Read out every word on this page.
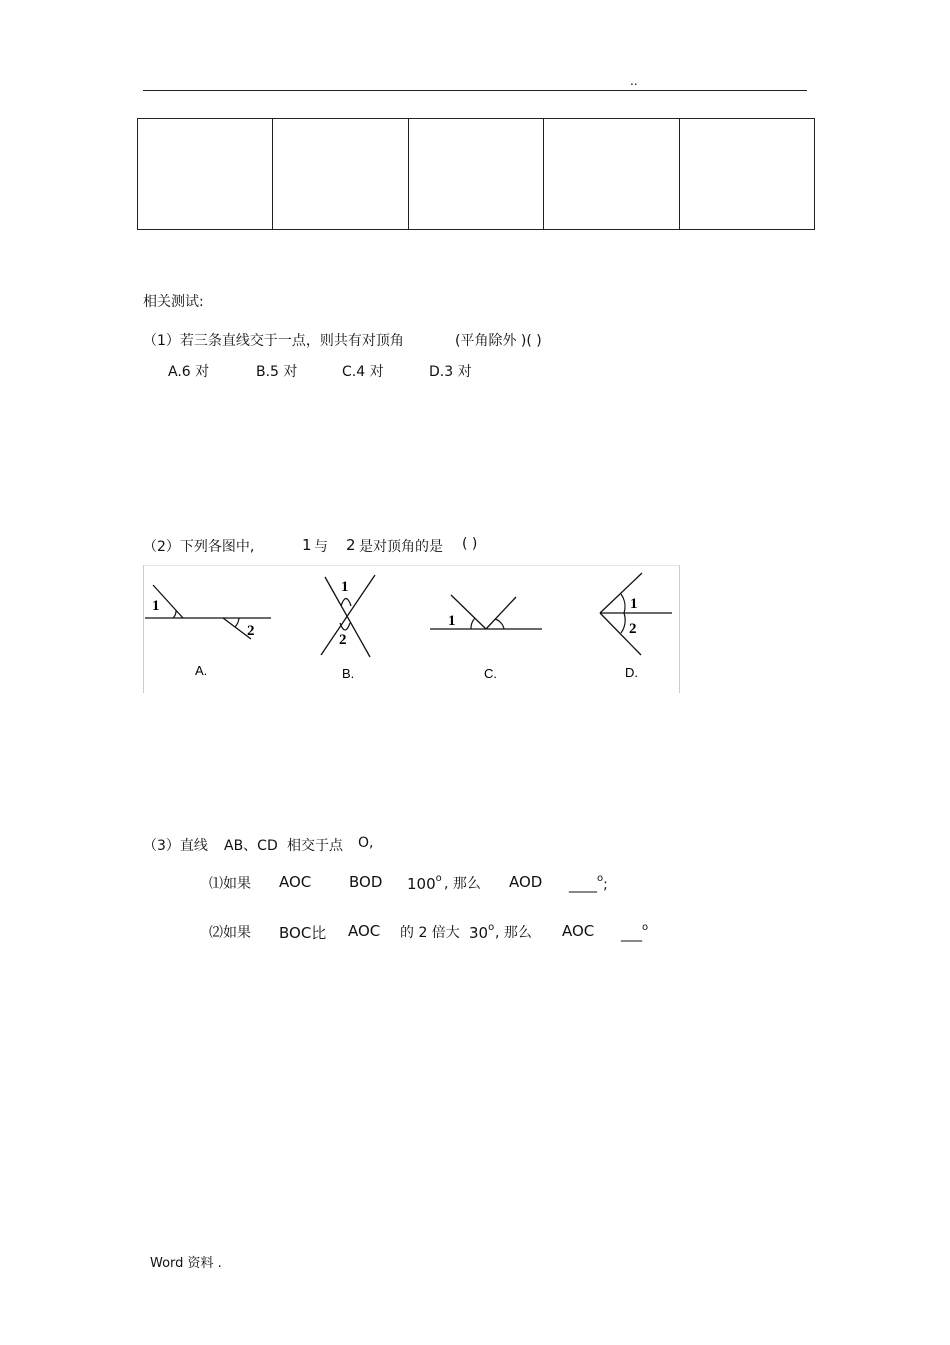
..

相关测试:
（1）若三条直线交于一点，则共有对顶角	(平角除外 )( )
A.6 对	B.5 对	C.4 对	D.3 对
（2）下列各图中,	1 与 2 是对顶角的是 ( )
1
2
A.
1
2
B.
1
C.
1
2
D.
（3）直线 AB、CD 相交于点 O,
⑴如果 AOC	BOD 100$^o$ , 那么 AOD ____$^o$;
⑵如果 BOC比 AOC 的 2 倍大 30$^o$ , 那么 AOC ___$^o$
Word 资料 .
